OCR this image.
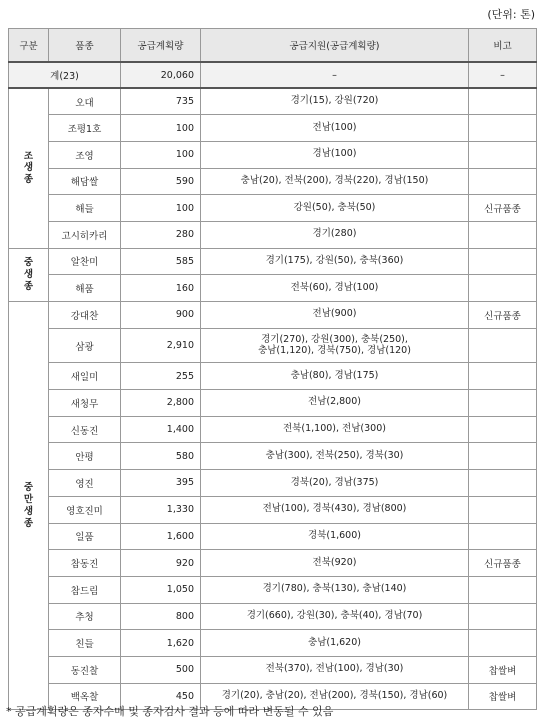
(단위: 톤)
구분	품종	공급계획량	공급지원(공급계획량)	비고
계(23)		20,060	–	–

조
생
종	오대	735	경기(15), 강원(720)	
	조평1호	100	전남(100)	
	조영	100	경남(100)	
	해담쌀	590	충남(20), 전북(200), 경북(220), 경남(150)	
	해들	100	강원(50), 충북(50)	신규품종
	고시히카리	280	경기(280)	

중
생
종	알찬미	585	경기(175), 강원(50), 충북(360)	
	해품	160	전북(60), 경남(100)	

중
만
생
종	강대찬	900	전남(900)	신규품종
	삼광	2,910	경기(270), 강원(300), 충북(250),
충남(1,120), 경북(750), 경남(120)	
	새일미	255	충남(80), 경남(175)	
	새청무	2,800	전남(2,800)	
	신동진	1,400	전북(1,100), 전남(300)	
	안평	580	충남(300), 전북(250), 경북(30)	
	영진	395	경북(20), 경남(375)	
	영호진미	1,330	전남(100), 경북(430), 경남(800)	
	일품	1,600	경북(1,600)	
	참동진	920	전북(920)	신규품종
	참드림	1,050	경기(780), 충북(130), 충남(140)	
	추청	800	경기(660), 강원(30), 충북(40), 경남(70)	
	친들	1,620	충남(1,620)	
	동진찰	500	전북(370), 전남(100), 경남(30)	찹쌀벼
	백옥찰	450	경기(20), 충남(20), 전남(200), 경북(150), 경남(60)	찹쌀벼
* 공급계획량은 종자수매 및 종자검사 결과 등에 따라 변동될 수 있음
